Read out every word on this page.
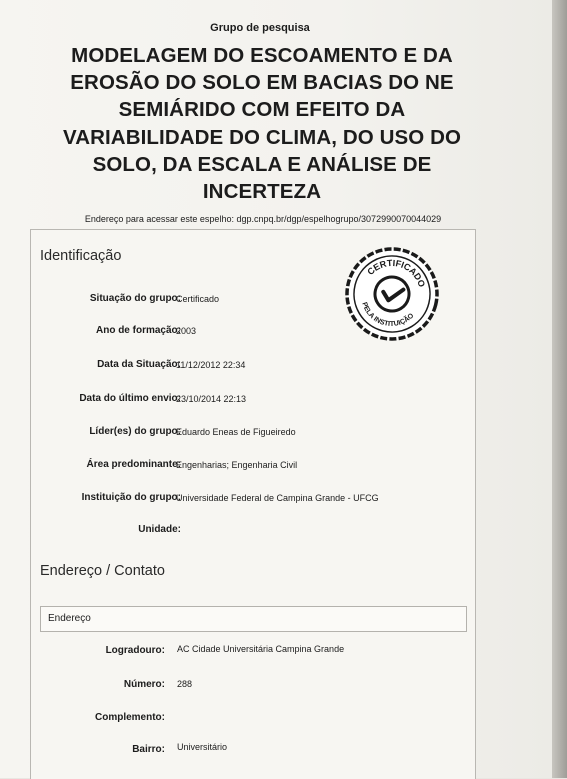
Grupo de pesquisa
MODELAGEM DO ESCOAMENTO E DA
EROSÃO DO SOLO EM BACIAS DO NE
SEMIÁRIDO COM EFEITO DA
VARIABILIDADE DO CLIMA, DO USO DO
SOLO, DA ESCALA E ANÁLISE DE
INCERTEZA
Endereço para acessar este espelho: dgp.cnpq.br/dgp/espelhogrupo/3072990070044029
Identificação
CERTIFICADO
PELA INSTITUIÇÃO
Situação do grupo:
Certificado
Ano de formação:
2003
Data da Situação:
11/12/2012 22:34
Data do último envio:
23/10/2014 22:13
Líder(es) do grupo:
Eduardo Eneas de Figueiredo
Área predominante:
Engenharias; Engenharia Civil
Instituição do grupo:
Universidade Federal de Campina Grande - UFCG
Unidade:
Endereço / Contato
Endereço
Logradouro: AC Cidade Universitária Campina Grande
Número: 288
Complemento:
Bairro: Universitário
